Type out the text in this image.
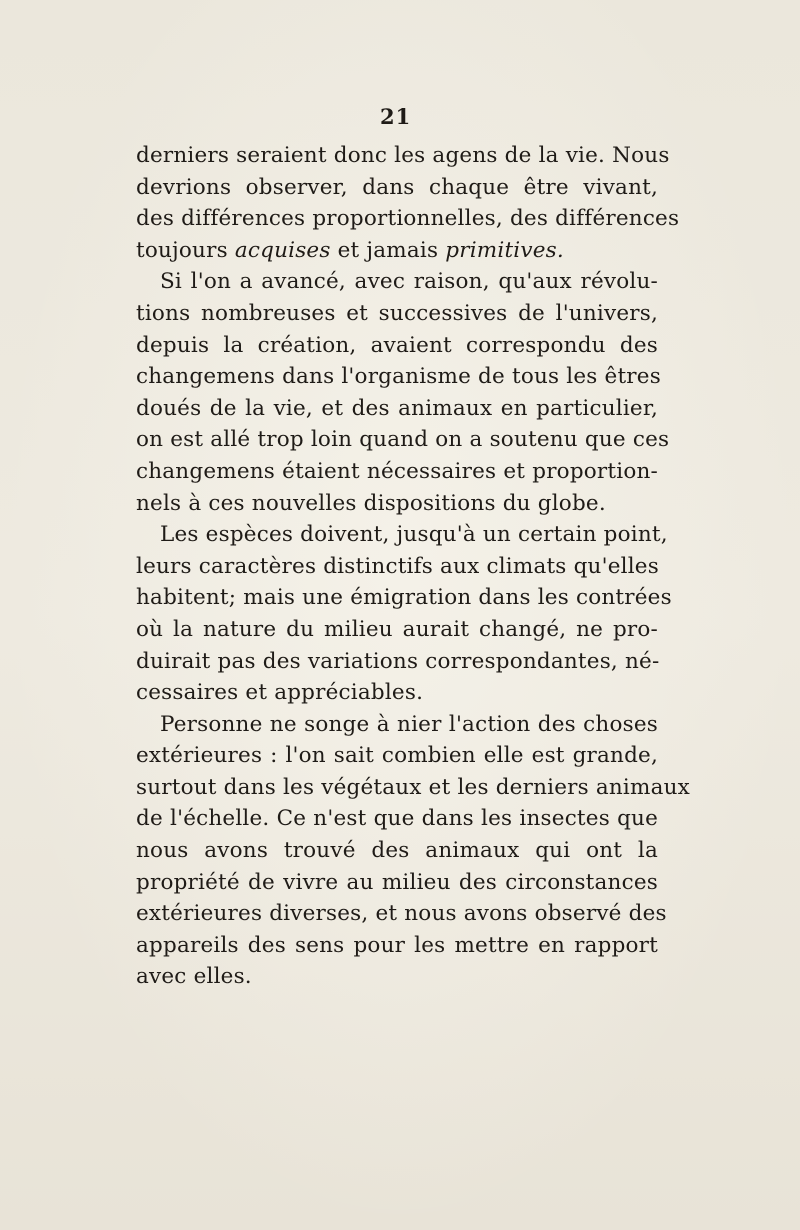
21
derniers seraient donc les agens de la vie. Nous
devrions observer, dans chaque être vivant,
des différences proportionnelles, des différences
toujours acquises et jamais primitives.
Si l'on a avancé, avec raison, qu'aux révolu-
tions nombreuses et successives de l'univers,
depuis la création, avaient correspondu des
changemens dans l'organisme de tous les êtres
doués de la vie, et des animaux en particulier,
on est allé trop loin quand on a soutenu que ces
changemens étaient nécessaires et proportion-
nels à ces nouvelles dispositions du globe.
Les espèces doivent, jusqu'à un certain point,
leurs caractères distinctifs aux climats qu'elles
habitent; mais une émigration dans les contrées
où la nature du milieu aurait changé, ne pro-
duirait pas des variations correspondantes, né-
cessaires et appréciables.
Personne ne songe à nier l'action des choses
extérieures : l'on sait combien elle est grande,
surtout dans les végétaux et les derniers animaux
de l'échelle. Ce n'est que dans les insectes que
nous avons trouvé des animaux qui ont la
propriété de vivre au milieu des circonstances
extérieures diverses, et nous avons observé des
appareils des sens pour les mettre en rapport
avec elles.
